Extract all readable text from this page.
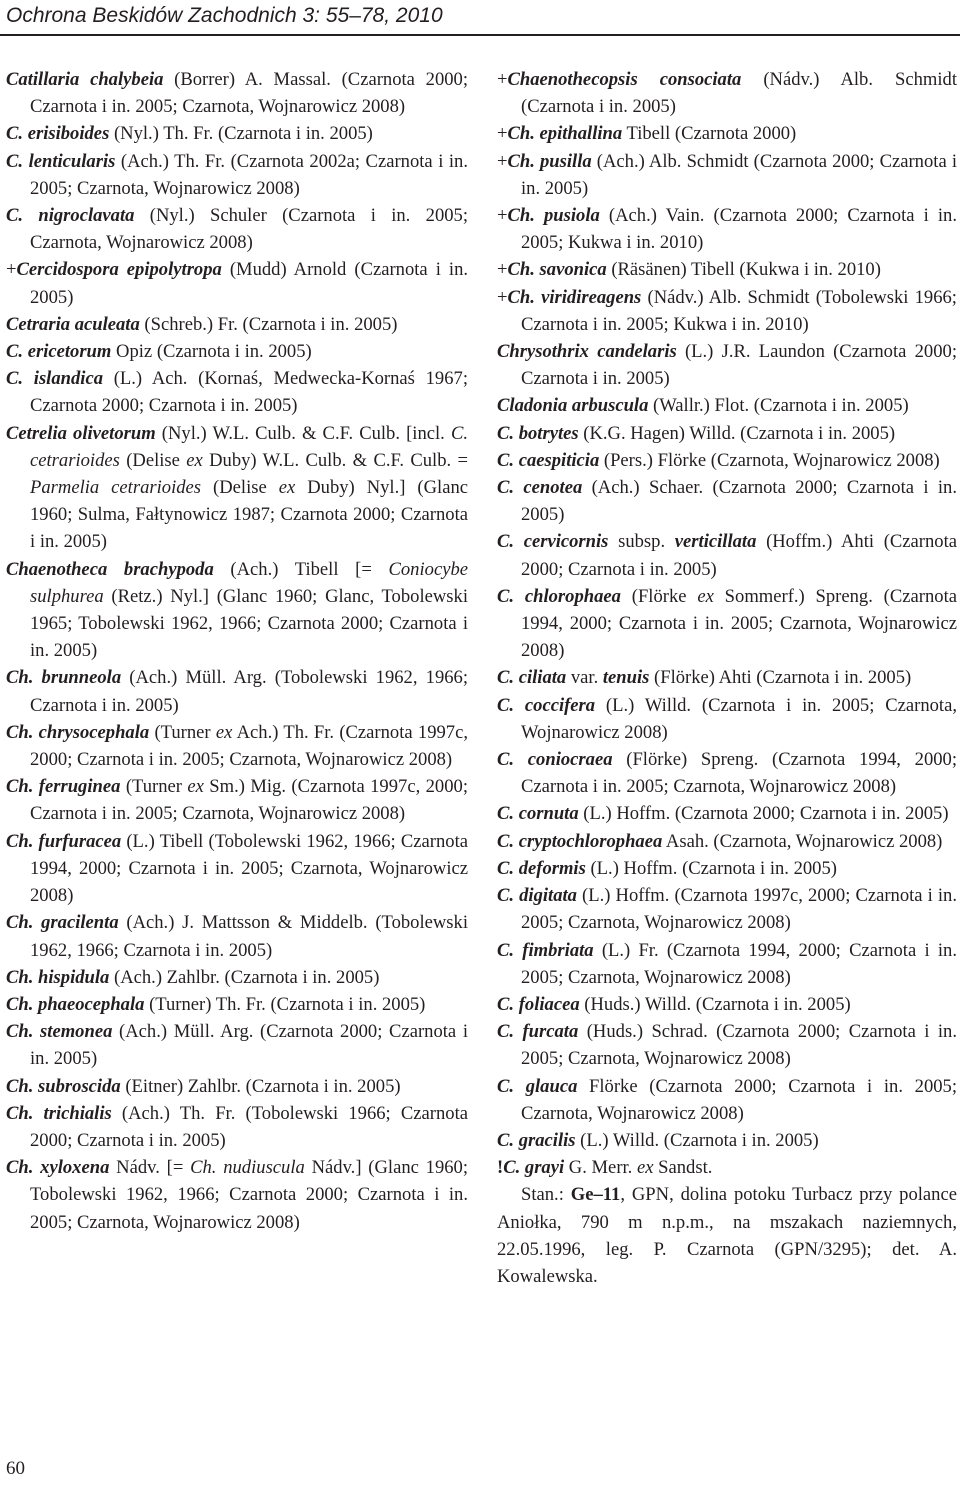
Ochrona Beskidów Zachodnich 3: 55–78, 2010
Catillaria chalybeia (Borrer) A. Massal. (Czarnota 2000; Czarnota i in. 2005; Czarnota, Wojnarowicz 2008)
C. erisiboides (Nyl.) Th. Fr. (Czarnota i in. 2005)
C. lenticularis (Ach.) Th. Fr. (Czarnota 2002a; Czarnota i in. 2005; Czarnota, Wojnarowicz 2008)
C. nigroclavata (Nyl.) Schuler (Czarnota i in. 2005; Czarnota, Wojnarowicz 2008)
+Cercidospora epipolytropa (Mudd) Arnold (Czarnota i in. 2005)
Cetraria aculeata (Schreb.) Fr. (Czarnota i in. 2005)
C. ericetorum Opiz (Czarnota i in. 2005)
C. islandica (L.) Ach. (Kornaś, Medwecka-Kornaś 1967; Czarnota 2000; Czarnota i in. 2005)
Cetrelia olivetorum (Nyl.) W.L. Culb. & C.F. Culb. [incl. C. cetrarioides (Delise ex Duby) W.L. Culb. & C.F. Culb. = Parmelia cetrarioides (Delise ex Duby) Nyl.] (Glanc 1960; Sulma, Fałtynowicz 1987; Czarnota 2000; Czarnota i in. 2005)
Chaenotheca brachypoda (Ach.) Tibell [= Coniocybe sulphurea (Retz.) Nyl.] (Glanc 1960; Glanc, Tobolewski 1965; Tobolewski 1962, 1966; Czarnota 2000; Czarnota i in. 2005)
Ch. brunneola (Ach.) Müll. Arg. (Tobolewski 1962, 1966; Czarnota i in. 2005)
Ch. chrysocephala (Turner ex Ach.) Th. Fr. (Czarnota 1997c, 2000; Czarnota i in. 2005; Czarnota, Wojnarowicz 2008)
Ch. ferruginea (Turner ex Sm.) Mig. (Czarnota 1997c, 2000; Czarnota i in. 2005; Czarnota, Wojnarowicz 2008)
Ch. furfuracea (L.) Tibell (Tobolewski 1962, 1966; Czarnota 1994, 2000; Czarnota i in. 2005; Czarnota, Wojnarowicz 2008)
Ch. gracilenta (Ach.) J. Mattsson & Middelb. (Tobolewski 1962, 1966; Czarnota i in. 2005)
Ch. hispidula (Ach.) Zahlbr. (Czarnota i in. 2005)
Ch. phaeocephala (Turner) Th. Fr. (Czarnota i in. 2005)
Ch. stemonea (Ach.) Müll. Arg. (Czarnota 2000; Czarnota i in. 2005)
Ch. subroscida (Eitner) Zahlbr. (Czarnota i in. 2005)
Ch. trichialis (Ach.) Th. Fr. (Tobolewski 1966; Czarnota 2000; Czarnota i in. 2005)
Ch. xyloxena Nádv. [= Ch. nudiuscula Nádv.] (Glanc 1960; Tobolewski 1962, 1966; Czarnota 2000; Czarnota i in. 2005; Czarnota, Wojnarowicz 2008)
+Chaenothecopsis consociata (Nádv.) Alb. Schmidt (Czarnota i in. 2005)
+Ch. epithallina Tibell (Czarnota 2000)
+Ch. pusilla (Ach.) Alb. Schmidt (Czarnota 2000; Czarnota i in. 2005)
+Ch. pusiola (Ach.) Vain. (Czarnota 2000; Czarnota i in. 2005; Kukwa i in. 2010)
+Ch. savonica (Räsänen) Tibell (Kukwa i in. 2010)
+Ch. viridireagens (Nádv.) Alb. Schmidt (Tobolewski 1966; Czarnota i in. 2005; Kukwa i in. 2010)
Chrysothrix candelaris (L.) J.R. Laundon (Czarnota 2000; Czarnota i in. 2005)
Cladonia arbuscula (Wallr.) Flot. (Czarnota i in. 2005)
C. botrytes (K.G. Hagen) Willd. (Czarnota i in. 2005)
C. caespiticia (Pers.) Flörke (Czarnota, Wojnarowicz 2008)
C. cenotea (Ach.) Schaer. (Czarnota 2000; Czarnota i in. 2005)
C. cervicornis subsp. verticillata (Hoffm.) Ahti (Czarnota 2000; Czarnota i in. 2005)
C. chlorophaea (Flörke ex Sommerf.) Spreng. (Czarnota 1994, 2000; Czarnota i in. 2005; Czarnota, Wojnarowicz 2008)
C. ciliata var. tenuis (Flörke) Ahti (Czarnota i in. 2005)
C. coccifera (L.) Willd. (Czarnota i in. 2005; Czarnota, Wojnarowicz 2008)
C. coniocraea (Flörke) Spreng. (Czarnota 1994, 2000; Czarnota i in. 2005; Czarnota, Wojnarowicz 2008)
C. cornuta (L.) Hoffm. (Czarnota 2000; Czarnota i in. 2005)
C. cryptochlorophaea Asah. (Czarnota, Wojnarowicz 2008)
C. deformis (L.) Hoffm. (Czarnota i in. 2005)
C. digitata (L.) Hoffm. (Czarnota 1997c, 2000; Czarnota i in. 2005; Czarnota, Wojnarowicz 2008)
C. fimbriata (L.) Fr. (Czarnota 1994, 2000; Czarnota i in. 2005; Czarnota, Wojnarowicz 2008)
C. foliacea (Huds.) Willd. (Czarnota i in. 2005)
C. furcata (Huds.) Schrad. (Czarnota 2000; Czarnota i in. 2005; Czarnota, Wojnarowicz 2008)
C. glauca Flörke (Czarnota 2000; Czarnota i in. 2005; Czarnota, Wojnarowicz 2008)
C. gracilis (L.) Willd. (Czarnota i in. 2005)
!C. grayi G. Merr. ex Sandst.
Stan.: Ge–11, GPN, dolina potoku Turbacz przy polance Aniołka, 790 m n.p.m., na mszakach naziemnych, 22.05.1996, leg. P. Czarnota (GPN/3295); det. A. Kowalewska.
60
